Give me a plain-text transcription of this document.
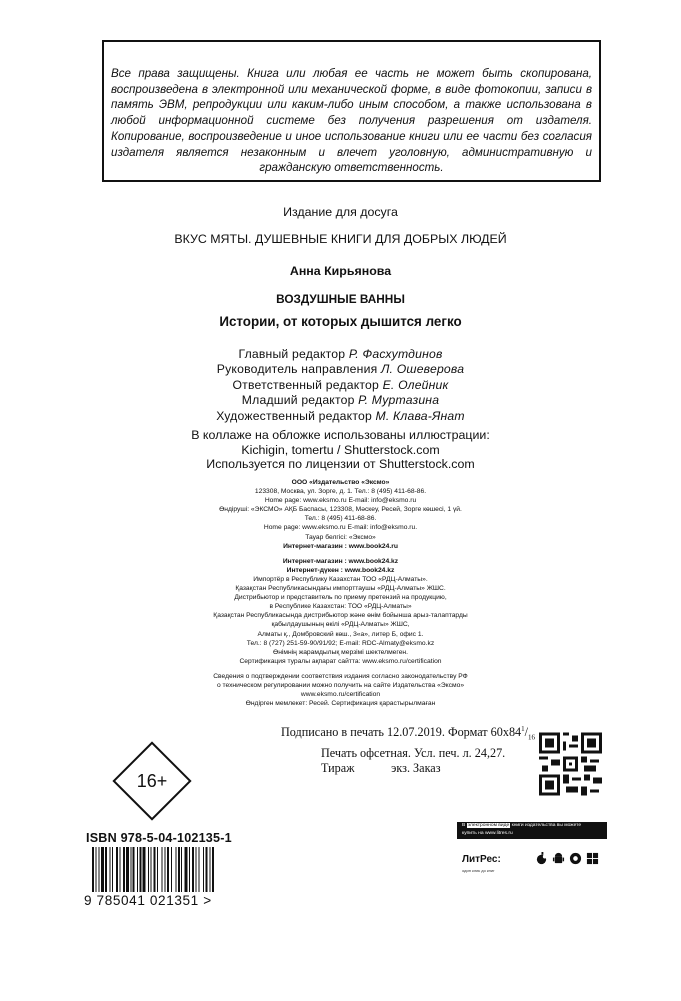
Все права защищены. Книга или любая ее часть не может быть скопирована, воспроизведена в электронной или механической форме, в виде фотокопии, записи в память ЭВМ, репродукции или каким-либо иным способом, а также использована в любой информационной системе без получения разрешения от издателя. Копирование, воспроизведение и иное использование книги или ее части без согласия издателя является незаконным и влечет уголовную, административную и гражданскую ответственность.
Издание для досуга
ВКУС МЯТЫ. ДУШЕВНЫЕ КНИГИ ДЛЯ ДОБРЫХ ЛЮДЕЙ
Анна Кирьянова
ВОЗДУШНЫЕ ВАННЫ
Истории, от которых дышится легко
Главный редактор Р. Фасхутдинов
Руководитель направления Л. Ошеверова
Ответственный редактор Е. Олейник
Младший редактор Р. Муртазина
Художественный редактор М. Клава-Янат
В коллаже на обложке использованы иллюстрации:
Kichigin, tomertu / Shutterstock.com
Используется по лицензии от Shutterstock.com
ООО «Издательство «Эксмо»
123308, Москва, ул. Зорге, д. 1. Тел.: 8 (495) 411-68-86.
Home page: www.eksmo.ru E-mail: info@eksmo.ru
Өндіруші: «ЭКСМО» АҚБ Баспасы, 123308, Мәскеу, Ресей, Зорге көшесі, 1 үй.
Тел.: 8 (495) 411-68-86.
Home page: www.eksmo.ru E-mail: info@eksmo.ru.
Тауар белгісі: «Эксмо»
Интернет-магазин : www.book24.ru
Интернет-магазин : www.book24.kz
Интернет-дүкен : www.book24.kz
Импортёр в Республику Казахстан ТОО «РДЦ-Алматы».
Қазақстан Республикасындағы импорттаушы «РДЦ-Алматы» ЖШС.
Дистрибьютор и представитель по приему претензий на продукцию,
в Республике Казахстан: ТОО «РДЦ-Алматы»
Қазақстан Республикасында дистрибьютор және өнім бойынша арыз-талаптарды
қабылдаушының өкілі «РДЦ-Алматы» ЖШС,
Алматы қ., Домбровский көш., 3«а», литер Б, офис 1.
Тел.: 8 (727) 251-59-90/91/92; E-mail: RDC-Almaty@eksmo.kz
Өнімнің жарамдылық мерзімі шектелмеген.
Сертификация туралы ақпарат сайтта: www.eksmo.ru/certification
Сведения о подтверждении соответствия издания согласно законодательству РФ
о техническом регулировании можно получить на сайте Издательства «Эксмо»
www.eksmo.ru/certification
Өндірген мемлекет: Ресей. Сертификация қарастырылмаған
Подписано в печать 12.07.2019. Формат $60x84^1/_{16}$
Печать офсетная. Усл. печ. л. 24,27.
Тираж            экз. Заказ
16+
ISBN 978-5-04-102135-1
9 785041 021351 >
В электронном виде книги издательства вы можете
купить на www.litres.ru
ЛитРес:
один клик до книг
